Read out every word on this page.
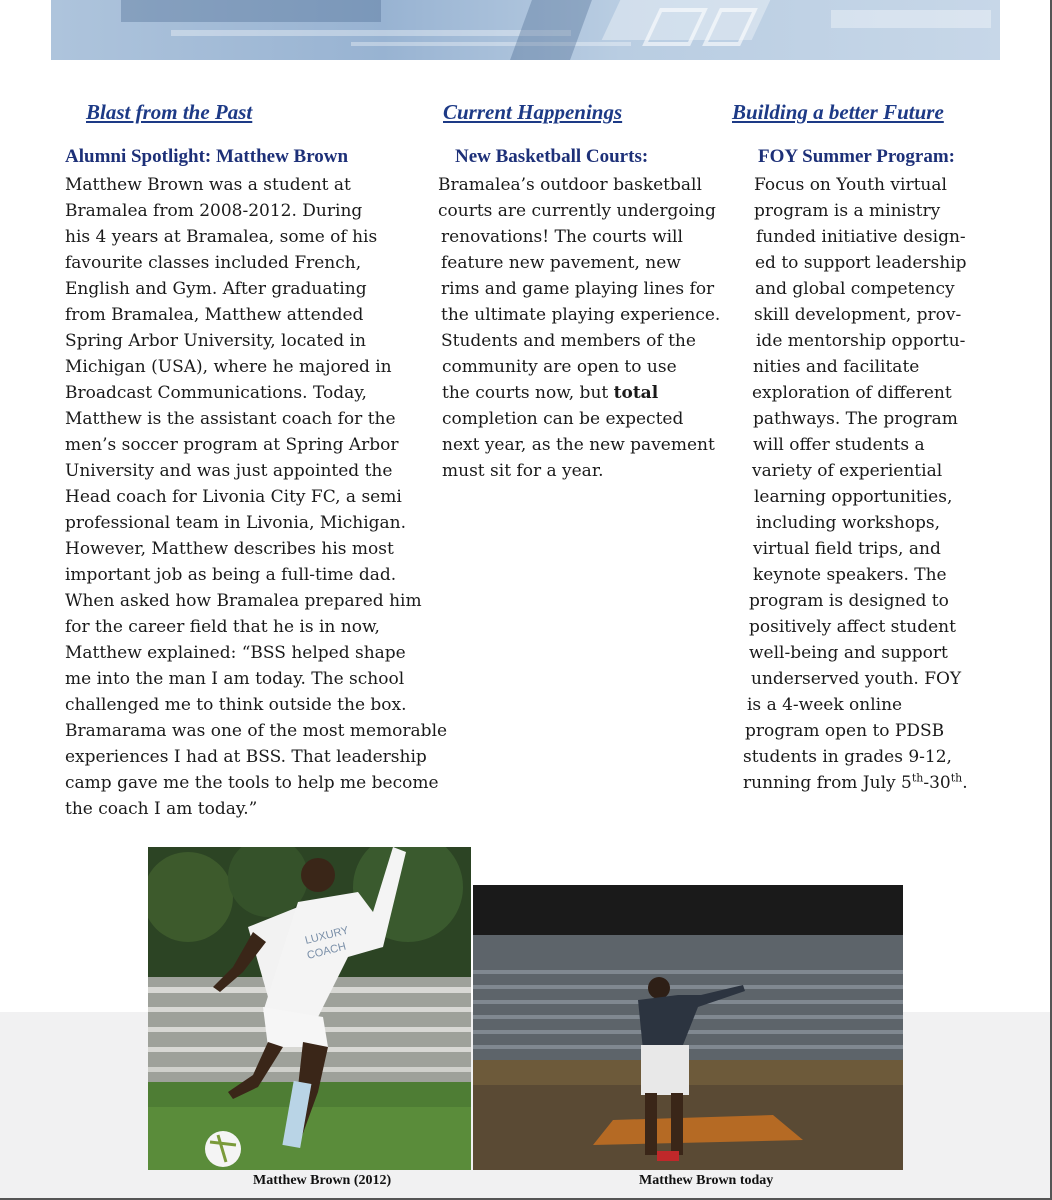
Blast from the Past	Current Happenings	Building a better Future
Alumni Spotlight: Matthew Brown	New Basketball Courts:	FOY Summer Program:
Matthew Brown was a student at
Bramalea from 2008-2012. During
his 4 years at Bramalea, some of his
favourite classes included French,
English and Gym. After graduating
from Bramalea, Matthew attended
Spring Arbor University, located in
Michigan (USA), where he majored in
Broadcast Communications. Today,
Matthew is the assistant coach for the
men’s soccer program at Spring Arbor
University and was just appointed the
Head coach for Livonia City FC, a semi
professional team in Livonia, Michigan.
However, Matthew describes his most
important job as being a full-time dad.
When asked how Bramalea prepared him
for the career field that he is in now,
Matthew explained: “BSS helped shape
me into the man I am today. The school
challenged me to think outside the box.
Bramarama was one of the most memorable
experiences I had at BSS. That leadership
camp gave me the tools to help me become
the coach I am today.”
Bramalea’s outdoor basketball
courts are currently undergoing
renovations! The courts will
feature new pavement, new
rims and game playing lines for
the ultimate playing experience.
Students and members of the
community are open to use
the courts now, but total
completion can be expected
next year, as the new pavement
must sit for a year.
Focus on Youth virtual
program is a ministry
funded initiative design-
ed to support leadership
and global competency
skill development, prov-
ide mentorship opportu-
nities and facilitate
exploration of different
pathways. The program
will offer students a
variety of experiential
learning opportunities,
including workshops,
virtual field trips, and
keynote speakers. The
program is designed to
positively affect student
well-being and support
underserved youth. FOY
is a 4-week online
program open to PDSB
students in grades 9-12,
running from July 5th-30th.
LUXURY
COACH
Matthew Brown (2012)	Matthew Brown today
